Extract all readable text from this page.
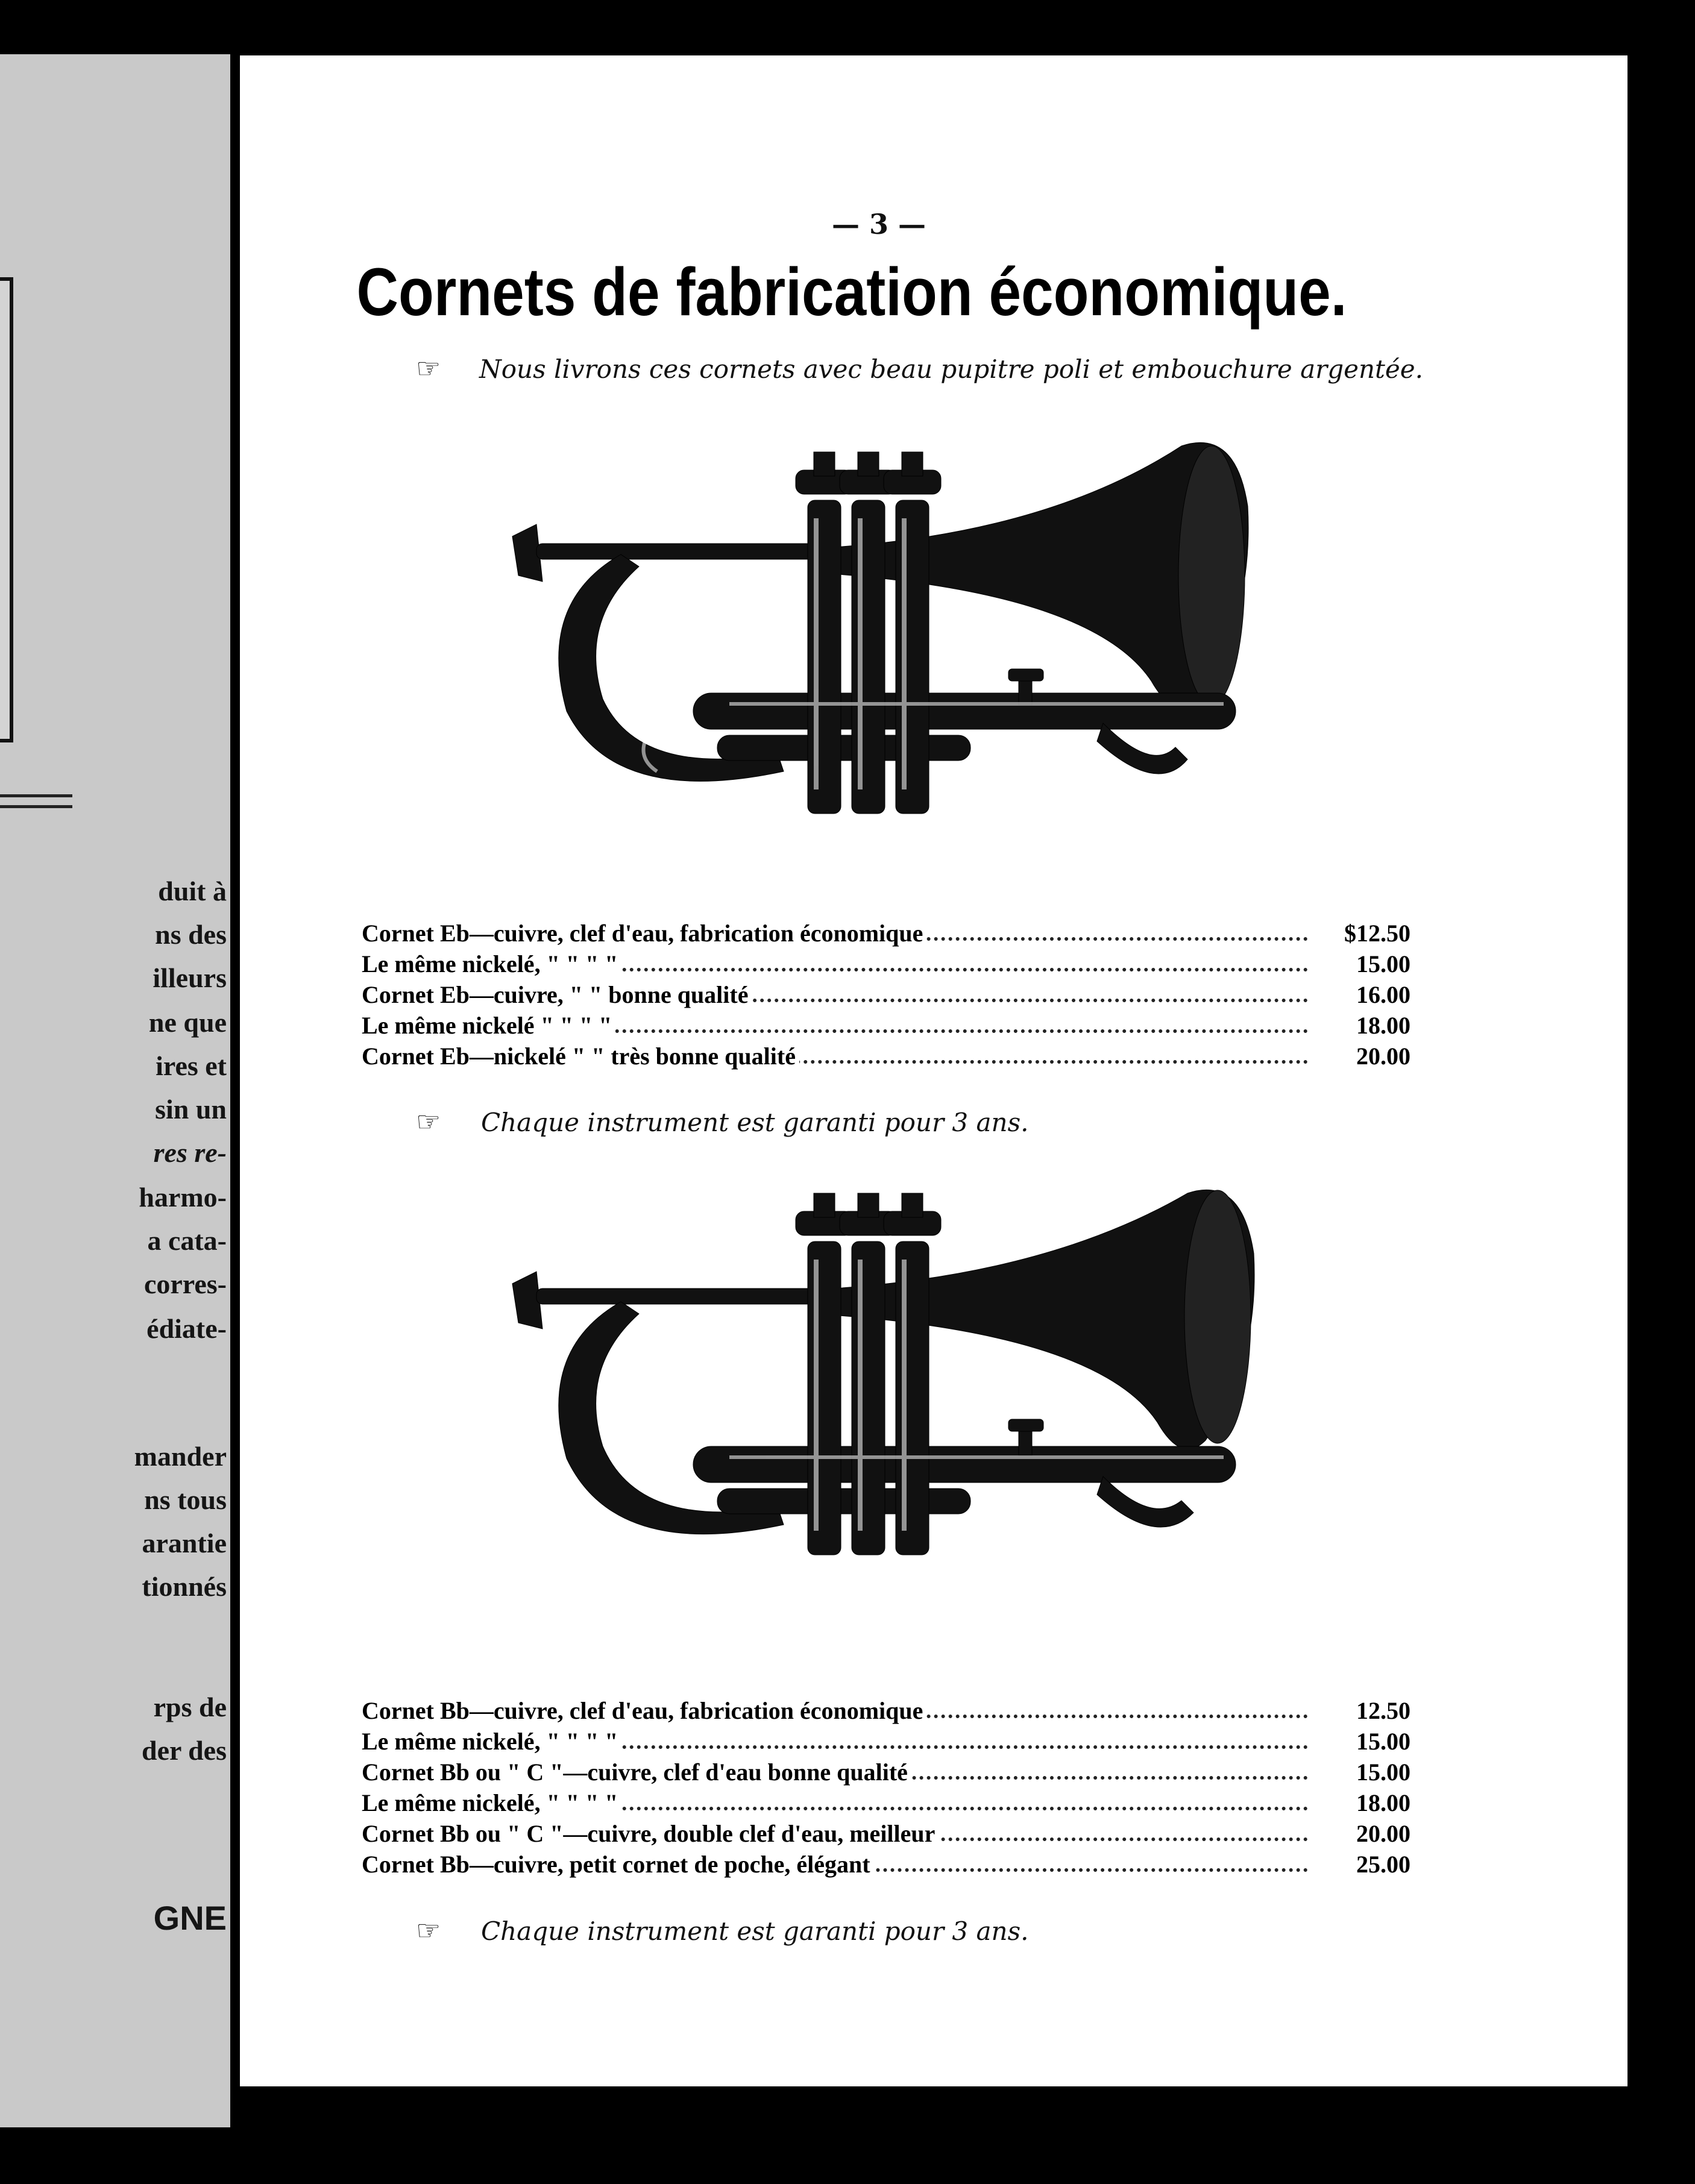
duit à
ns des
illeurs
ne que
ires et
sin un
res re-
harmo-
a cata-
corres-
édiate-
mander
ns tous
arantie
tionnés
rps de
der des
GNE
— 3 —
Cornets de fabrication économique.
☞ Nous livrons ces cornets avec beau pupitre poli et embouchure argentée.
Cornet Eb—cuivre, clef d'eau, fabrication économique	$12.50
Le même nickelé, " " " "	15.00
Cornet Eb—cuivre, " " bonne qualité	16.00
Le même nickelé " " " "	18.00
Cornet Eb—nickelé " " très bonne qualité	20.00
☞ Chaque instrument est garanti pour 3 ans.
Cornet Bb—cuivre, clef d'eau, fabrication économique	12.50
Le même nickelé, " " " "	15.00
Cornet Bb ou " C "—cuivre, clef d'eau bonne qualité	15.00
Le même nickelé, " " " "	18.00
Cornet Bb ou " C "—cuivre, double clef d'eau, meilleur	20.00
Cornet Bb—cuivre, petit cornet de poche, élégant	25.00
☞ Chaque instrument est garanti pour 3 ans.
